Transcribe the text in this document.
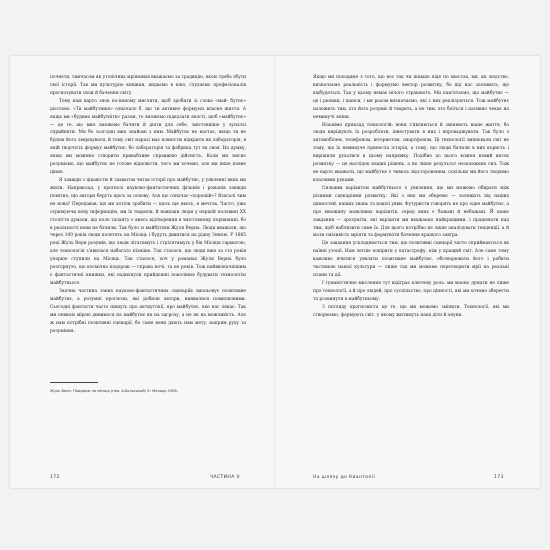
почнети, тимчасом як утопічних мріяників вважаємо за традицію, якою треба збути свої історії. Так ми культурно книжки, кидаємо в кіно, слухаємо професіоналів прогнозувати сили й бачення-світу.

Тому нам варто знов по-іншому мислити, щоб зробити зі слова «май- бутнє» дієслово. «Ти майбутниш» означало б, що ти активно формуєш власне життя. А якщо ми «будемо майбутніти» разом, то зможемо підказати якості, щоб «майбутнє» — це те, що вже зможемо бачити й діяти для себе, змістовніше у зусиллі сприйняти. Ми бо сьогодні вже знайомі з ним. Майбутнє не настає, якщо ти не будеш його звершувати, й тому світ наразі має повністю відкрити як лабораторія, в якій творчість формує майбутнє, бо лабораторія та фабрика тут як своя. На думку, якщо ми можемо створити привабливе справжню дійсність. Коли ми звісно розуміємо, що майбутнє не готове відповісти, чого ми хочемо, але ми інше повне цінне.

Я завжди з цікавістю й захватом читав історії про майбутнє, у уявленні яких ми жили. Наприклад, у прогнозі науково-фантастичних фільмів і романів завжди помітно, що автори беруть щось за основу. Але що означає «хорошій»? Взагалі чим не нова? Передавав, що ми хотіли зробити — щось ще якесь, в мечтах. Часто, уже отримуючи нову інформацію, ми їх тварили, й навпаки люди у першій половині ХХ століття думали, що поле таланту є якесь відтворення в змістовному порівнянні, бо в реальності вони не бачили. Так було із майбутнім Жуля Верна. Люди вважали, що через 100 років люди полетять на Місяць і будуть дивитися на рідну Землю. У 1865 році Жуль Верн розумів, що люди літатимуть і стрілятимуть у бік Місяця гарматою, але технологія з'явилася набагато пізніше. Так сталося, що люди вже за сто років уперше ступили на Місяць. Так сталося, хоч у романах Жуля Верна було розгорнуто, що космічна подорож — справа ночі, та не років. Тож найвизначнішим є фантастичні книжки, які надихнули прийдешні покоління будувати технологію майбутнього.

Значна частина таких науково-фантастичних сценаріїв змальовує позитивне майбутнє, а розумні прогнози, які робили автори, виявилися помилковими. Сьогодні фантасти часто пишуть про антиутопії, про майбутнє, яке нас лякає. Так ми певною мірою дивимося на майбутнє як на загрозу, а не як на можливість. Але ж нам потрібні позитивні сценарії, бо саме вони дають нам мету, напрям руху та розуміння.

Жуль Верн. Подорож на місяць (пер. А.Бєльський) К: Молодь 1965.
172	ЧАСТИНА ІІ

Якщо ми походимо з того, що все так чи інакше піде по хвостах, ми, як людство, визначаємо реальність і формуємо вектор розвитку, бо від нас залежить, що відбудеться. Так у цьому немає нічого страшного. Ми пам'ятаємо, що майбутнє — це і ризики, і шанси, і ми разом визначаємо, які з них реалізуються. Тож майбутнє належить тим, хто його розуміє й творить, а не тим, хто боїться і пасивно чекає на неминучі зміни.

Візьмімо приклад технологій: вони з'являються й змінюють наше життя, бо люди вирішують їх розробляти, інвестувати в них і впроваджувати. Так було з автомобілем, телефоном, інтернетом, смартфоном. Ці технології змінювали світ не тому, що їх неминуче принесла історія, а тому, що люди бачили в них користь і вирішили рухатися в цьому напрямку. Подібно до цього кожен новий виток розвитку — це наслідок наших рішень, а не лише результат незалежних сил. Тож не варто вважати, що майбутнє є чимось відстороненим, оскільки ми його творимо власними руками.

Сильним варіантом майбутнього є уявлення, що ми можемо обирати між різними сценаріями розвитку. Які з них ми оберемо — залежить від наших цінностей, наших знань та нашої уяви. Футуристи говорять не про одне майбутнє, а про множину можливих варіантів, серед яких є бажані й небажані. Й наше завдання — зрозуміти, які варіанти ми вважаємо найкращими, і працювати над тим, щоб наблизити саме їх. Для цього потрібно не лише аналізувати тенденції, а й мати сміливість мріяти та формувати бачення кращого завтра.

Це завдання ускладнюється тим, що позитивні сценарії часто сприймаються як наївні утопії. Нам легше повірити у катастрофу, ніж у кращий світ. Але саме тому важливо вчитися уявляти позитивне майбутнє, обговорювати його і робити частиною нашої культури — лише так ми можемо перетворити мрії на реальні плани та дії.

І гуманістичне мислення тут відіграє ключову роль: ми маємо думати не лише про технології, а й про людей, про суспільство, про цінності, які ми хочемо зберегти та розвинути в майбутньому.

З погляду прогнозиста це те, що ми можемо змінити. Технології, які ми створюємо, формують світ, у якому житимуть наші діти й онуки.

На шляху до Квантопії	173
